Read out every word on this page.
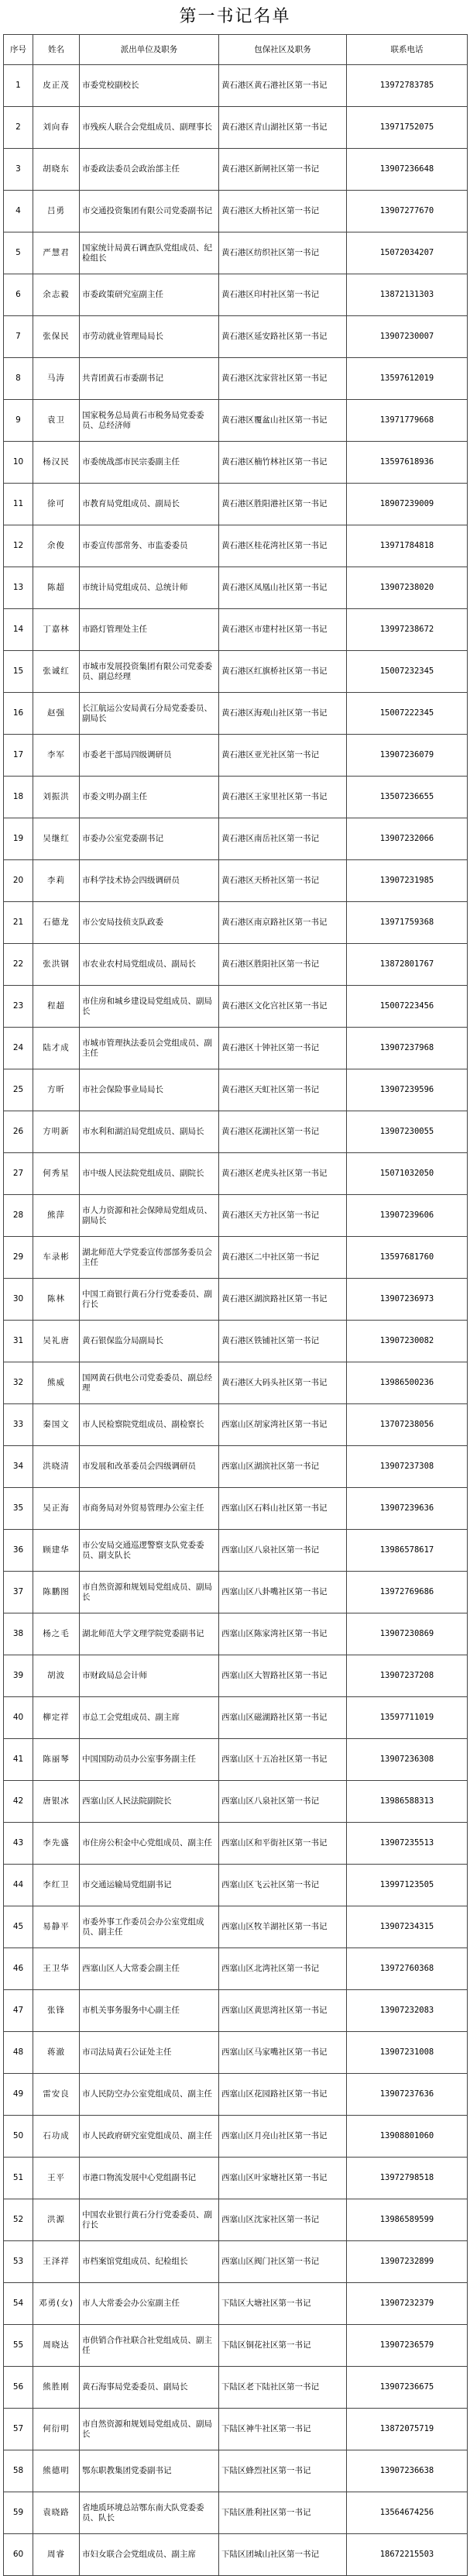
第一书记名单
序号	姓名	派出单位及职务	包保社区及职务	联系电话
1	皮正茂	市委党校副校长	黄石港区黄石港社区第一书记	13972783785
2	刘向春	市残疾人联合会党组成员、副理事长	黄石港区青山湖社区第一书记	13971752075
3	胡晓东	市委政法委员会政治部主任	黄石港区新闸社区第一书记	13907236648
4	吕勇	市交通投资集团有限公司党委副书记	黄石港区大桥社区第一书记	13907277670
5	严慧君	国家统计局黄石调查队党组成员、纪检组长	黄石港区纺织社区第一书记	15072034207
6	余志毅	市委政策研究室副主任	黄石港区印村社区第一书记	13872131303
7	张保民	市劳动就业管理局局长	黄石港区延安路社区第一书记	13907230007
8	马涛	共青团黄石市委副书记	黄石港区沈家营社区第一书记	13597612019
9	袁卫	国家税务总局黄石市税务局党委委员、总经济师	黄石港区覆盆山社区第一书记	13971779668
10	杨汉民	市委统战部市民宗委副主任	黄石港区楠竹林社区第一书记	13597618936
11	徐可	市教育局党组成员、副局长	黄石港区胜阳港社区第一书记	18907239009
12	余俊	市委宣传部常务、市监委委员	黄石港区桂花湾社区第一书记	13971784818
13	陈超	市统计局党组成员、总统计师	黄石港区凤凰山社区第一书记	13907238020
14	丁嘉林	市路灯管理处主任	黄石港区市建村社区第一书记	13997238672
15	张诚红	市城市发展投资集团有限公司党委委员、副总经理	黄石港区红旗桥社区第一书记	15007232345
16	赵强	长江航运公安局黄石分局党委委员、副局长	黄石港区海观山社区第一书记	15007222345
17	李军	市委老干部局四级调研员	黄石港区亚光社区第一书记	13907236079
18	刘振洪	市委文明办副主任	黄石港区王家里社区第一书记	13507236655
19	吴继红	市委办公室党委副书记	黄石港区南岳社区第一书记	13907232066
20	李莉	市科学技术协会四级调研员	黄石港区天桥社区第一书记	13907231985
21	石德龙	市公安局技侦支队政委	黄石港区南京路社区第一书记	13971759368
22	张洪钢	市农业农村局党组成员、副局长	黄石港区胜阳社区第一书记	13872801767
23	程超	市住房和城乡建设局党组成员、副局长	黄石港区文化宫社区第一书记	15007223456
24	陆才成	市城市管理执法委员会党组成员、副主任	黄石港区十钟社区第一书记	13907237968
25	方昕	市社会保险事业局局长	黄石港区天虹社区第一书记	13907239596
26	方明新	市水利和湖泊局党组成员、副局长	黄石港区花湖社区第一书记	13907230055
27	何秀星	市中级人民法院党组成员、副院长	黄石港区老虎头社区第一书记	15071032050
28	熊萍	市人力资源和社会保障局党组成员、副局长	黄石港区天方社区第一书记	13907239606
29	车录彬	湖北师范大学党委宣传部部务委员会主任	黄石港区二中社区第一书记	13597681760
30	陈林	中国工商银行黄石分行党委委员、副行长	黄石港区湖滨路社区第一书记	13907236973
31	吴礼唐	黄石银保监分局副局长	黄石港区铁铺社区第一书记	13907230082
32	熊威	国网黄石供电公司党委委员、副总经理	黄石港区大码头社区第一书记	13986500236
33	秦国文	市人民检察院党组成员、副检察长	西塞山区胡家湾社区第一书记	13707238056
34	洪晓清	市发展和改革委员会四级调研员	西塞山区湖滨社区第一书记	13907237308
35	吴正海	市商务局对外贸易管理办公室主任	西塞山区石料山社区第一书记	13907239636
36	顾建华	市公安局交通巡逻警察支队党委委员、副支队长	西塞山区八泉社区第一书记	13986578617
37	陈鹏图	市自然资源和规划局党组成员、副局长	西塞山区八卦嘴社区第一书记	13972769686
38	杨之毛	湖北师范大学文理学院党委副书记	西塞山区陈家湾社区第一书记	13907230869
39	胡波	市财政局总会计师	西塞山区大智路社区第一书记	13907237208
40	柳定祥	市总工会党组成员、副主席	西塞山区磁湖路社区第一书记	13597711019
41	陈丽琴	中国国防动员办公室事务副主任	西塞山区十五冶社区第一书记	13907236308
42	唐银冰	西塞山区人民法院副院长	西塞山区八泉社区第一书记	13986588313
43	李先盛	市住房公积金中心党组成员、副主任	西塞山区和平街社区第一书记	13907235513
44	李红卫	市交通运输局党组副书记	西塞山区飞云社区第一书记	13997123505
45	易静平	市委外事工作委员会办公室党组成员、副主任	西塞山区牧羊湖社区第一书记	13907234315
46	王卫华	西塞山区人大常委会副主任	西塞山区北湾社区第一书记	13972760368
47	张锋	市机关事务服务中心副主任	西塞山区黄思湾社区第一书记	13907232083
48	蒋澈	市司法局黄石公证处主任	西塞山区马家嘴社区第一书记	13907231008
49	雷安良	市人民防空办公室党组成员、副主任	西塞山区花园路社区第一书记	13907237636
50	石功成	市人民政府研究室党组成员、副主任	西塞山区月亮山社区第一书记	13908801060
51	王平	市港口物流发展中心党组副书记	西塞山区叶家塘社区第一书记	13972798518
52	洪源	中国农业银行黄石分行党委委员、副行长	西塞山区沈家社区第一书记	13986589599
53	王泽祥	市档案馆党组成员、纪检组长	西塞山区阀门社区第一书记	13907232899
54	邓勇(女)	市人大常委会办公室副主任	下陆区大塘社区第一书记	13907232379
55	周晓达	市供销合作社联合社党组成员、副主任	下陆区铜花社区第一书记	13907236579
56	熊胜刚	黄石海事局党委委员、副局长	下陆区老下陆社区第一书记	13907236675
57	何衍明	市自然资源和规划局党组成员、副局长	下陆区神牛社区第一书记	13872075719
58	熊德明	鄂东职教集团党委副书记	下陆区蜂烈社区第一书记	13907236638
59	袁晓路	省地质环境总站鄂东南大队党委委员、队长	下陆区胜利社区第一书记	13564674256
60	周睿	市妇女联合会党组成员、副主席	下陆区团城山社区第一书记	18672215503
